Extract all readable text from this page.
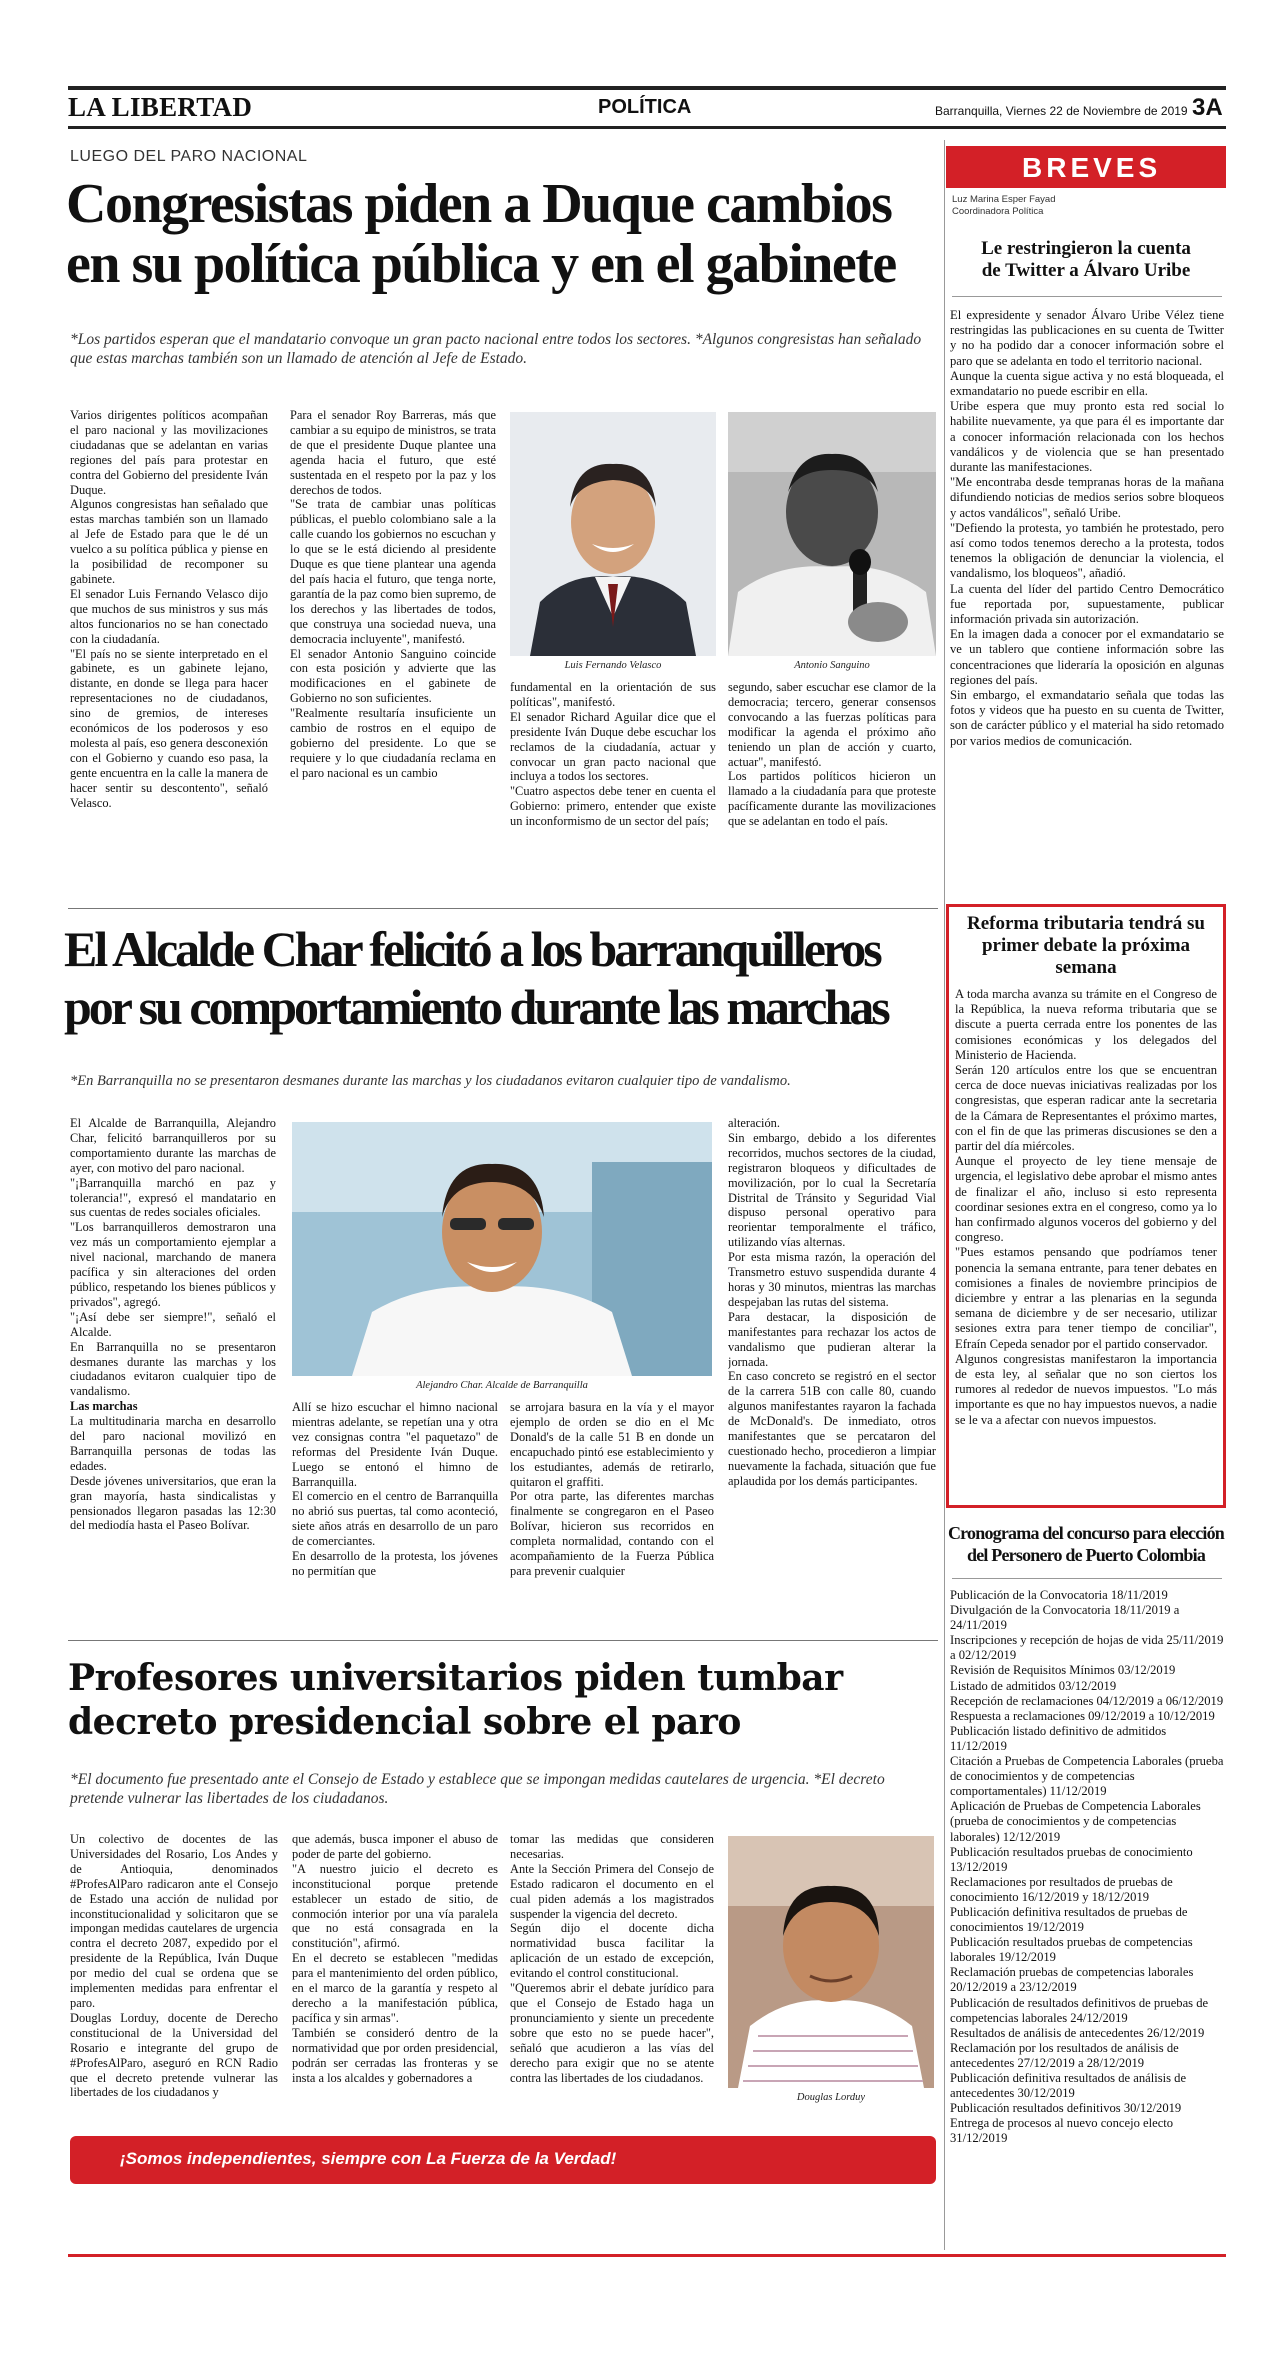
LA LIBERTAD	POLÍTICA	Barranquilla, Viernes 22 de Noviembre de 2019 3A
LUEGO DEL PARO NACIONAL
Congresistas piden a Duque cambios
en su política pública y en el gabinete
*Los partidos esperan que el mandatario convoque un gran pacto nacional entre todos los sectores. *Algunos congresistas han señalado que estas marchas también son un llamado de atención al Jefe de Estado.

Varios dirigentes políticos acompañan el paro nacional y las movilizaciones ciudadanas que se adelantan en varias regiones del país para protestar en contra del Gobierno del presidente Iván Duque.

Algunos congresistas han señalado que estas marchas también son un llamado al Jefe de Estado para que le dé un vuelco a su política pública y piense en la posibilidad de recomponer su gabinete.

El senador Luis Fernando Velasco dijo que muchos de sus ministros y sus más altos funcionarios no se han conectado con la ciudadanía.

"El país no se siente interpretado en el gabinete, es un gabinete lejano, distante, en donde se llega para hacer representaciones no de ciudadanos, sino de gremios, de intereses económicos de los poderosos y eso molesta al país, eso genera desconexión con el Gobierno y cuando eso pasa, la gente encuentra en la calle la manera de hacer sentir su descontento", señaló Velasco.

Para el senador Roy Barreras, más que cambiar a su equipo de ministros, se trata de que el presidente Duque plantee una agenda hacia el futuro, que esté sustentada en el respeto por la paz y los derechos de todos.

"Se trata de cambiar unas políticas públicas, el pueblo colombiano sale a la calle cuando los gobiernos no escuchan y lo que se le está diciendo al presidente Duque es que tiene plantear una agenda del país hacia el futuro, que tenga norte, garantía de la paz como bien supremo, de los derechos y las libertades de todos, que construya una sociedad nueva, una democracia incluyente", manifestó.

El senador Antonio Sanguino coincide con esta posición y advierte que las modificaciones en el gabinete de Gobierno no son suficientes.

"Realmente resultaría insuficiente un cambio de rostros en el equipo de gobierno del presidente. Lo que se requiere y lo que ciudadanía reclama en el paro nacional es un cambio

Luis Fernando Velasco	Antonio Sanguino

fundamental en la orientación de sus políticas", manifestó.

El senador Richard Aguilar dice que el presidente Iván Duque debe escuchar los reclamos de la ciudadanía, actuar y convocar un gran pacto nacional que incluya a todos los sectores.

"Cuatro aspectos debe tener en cuenta el Gobierno: primero, entender que existe un inconformismo de un sector del país;

segundo, saber escuchar ese clamor de la democracia; tercero, generar consensos convocando a las fuerzas políticas para modificar la agenda el próximo año teniendo un plan de acción y cuarto, actuar", manifestó.

Los partidos políticos hicieron un llamado a la ciudadanía para que proteste pacíficamente durante las movilizaciones que se adelantan en todo el país.

El Alcalde Char felicitó a los barranquilleros
por su comportamiento durante las marchas
*En Barranquilla no se presentaron desmanes durante las marchas y los ciudadanos evitaron cualquier tipo de vandalismo.

El Alcalde de Barranquilla, Alejandro Char, felicitó barranquilleros por su comportamiento durante las marchas de ayer, con motivo del paro nacional.

"¡Barranquilla marchó en paz y tolerancia!", expresó el mandatario en sus cuentas de redes sociales oficiales.

"Los barranquilleros demostraron una vez más un comportamiento ejemplar a nivel nacional, marchando de manera pacífica y sin alteraciones del orden público, respetando los bienes públicos y privados", agregó.

"¡Así debe ser siempre!", señaló el Alcalde.

En Barranquilla no se presentaron desmanes durante las marchas y los ciudadanos evitaron cualquier tipo de vandalismo.

Las marchas

La multitudinaria marcha en desarrollo del paro nacional movilizó en Barranquilla personas de todas las edades.

Desde jóvenes universitarios, que eran la gran mayoría, hasta sindicalistas y pensionados llegaron pasadas las 12:30 del mediodía hasta el Paseo Bolívar.

Alejandro Char. Alcalde de Barranquilla

Allí se hizo escuchar el himno nacional mientras adelante, se repetían una y otra vez consignas contra "el paquetazo" de reformas del Presidente Iván Duque. Luego se entonó el himno de Barranquilla.

El comercio en el centro de Barranquilla no abrió sus puertas, tal como aconteció, siete años atrás en desarrollo de un paro de comerciantes.

En desarrollo de la protesta, los jóvenes no permitían que

se arrojara basura en la vía y el mayor ejemplo de orden se dio en el Mc Donald's de la calle 51 B en donde un encapuchado pintó ese establecimiento y los estudiantes, además de retirarlo, quitaron el graffiti.

Por otra parte, las diferentes marchas finalmente se congregaron en el Paseo Bolívar, hicieron sus recorridos en completa normalidad, contando con el acompañamiento de la Fuerza Pública para prevenir cualquier

alteración.

Sin embargo, debido a los diferentes recorridos, muchos sectores de la ciudad, registraron bloqueos y dificultades de movilización, por lo cual la Secretaría Distrital de Tránsito y Seguridad Vial dispuso personal operativo para reorientar temporalmente el tráfico, utilizando vías alternas.

Por esta misma razón, la operación del Transmetro estuvo suspendida durante 4 horas y 30 minutos, mientras las marchas despejaban las rutas del sistema.

Para destacar, la disposición de manifestantes para rechazar los actos de vandalismo que pudieran alterar la jornada.

En caso concreto se registró en el sector de la carrera 51B con calle 80, cuando algunos manifestantes rayaron la fachada de McDonald's. De inmediato, otros manifestantes que se percataron del cuestionado hecho, procedieron a limpiar nuevamente la fachada, situación que fue aplaudida por los demás participantes.

Profesores universitarios piden tumbar
decreto presidencial sobre el paro
*El documento fue presentado ante el Consejo de Estado y establece que se impongan medidas cautelares de urgencia. *El decreto pretende vulnerar las libertades de los ciudadanos.

Un colectivo de docentes de las Universidades del Rosario, Los Andes y de Antioquia, denominados #ProfesAlParo radicaron ante el Consejo de Estado una acción de nulidad por inconstitucionalidad y solicitaron que se impongan medidas cautelares de urgencia contra el decreto 2087, expedido por el presidente de la República, Iván Duque por medio del cual se ordena que se implementen medidas para enfrentar el paro.

Douglas Lorduy, docente de Derecho constitucional de la Universidad del Rosario e integrante del grupo de #ProfesAlParo, aseguró en RCN Radio que el decreto pretende vulnerar las libertades de los ciudadanos y

que además, busca imponer el abuso de poder de parte del gobierno.

"A nuestro juicio el decreto es inconstitucional porque pretende establecer un estado de sitio, de conmoción interior por una vía paralela que no está consagrada en la constitución", afirmó.

En el decreto se establecen "medidas para el mantenimiento del orden público, en el marco de la garantía y respeto al derecho a la manifestación pública, pacífica y sin armas".

También se consideró dentro de la normatividad que por orden presidencial, podrán ser cerradas las fronteras y se insta a los alcaldes y gobernadores a

tomar las medidas que consideren necesarias.

Ante la Sección Primera del Consejo de Estado radicaron el documento en el cual piden además a los magistrados suspender la vigencia del decreto.

Según dijo el docente dicha normatividad busca facilitar la aplicación de un estado de excepción, evitando el control constitucional.

"Queremos abrir el debate jurídico para que el Consejo de Estado haga un pronunciamiento y siente un precedente sobre que esto no se puede hacer", señaló que acudieron a las vías del derecho para exigir que no se atente contra las libertades de los ciudadanos.

Douglas Lorduy
¡Somos independientes, siempre con La Fuerza de la Verdad!
BREVES
Luz Marina Esper Fayad
Coordinadora Política
Le restringieron la cuenta
de Twitter a Álvaro Uribe

El expresidente y senador Álvaro Uribe Vélez tiene restringidas las publicaciones en su cuenta de Twitter y no ha podido dar a conocer información sobre el paro que se adelanta en todo el territorio nacional.

Aunque la cuenta sigue activa y no está bloqueada, el exmandatario no puede escribir en ella.

Uribe espera que muy pronto esta red social lo habilite nuevamente, ya que para él es importante dar a conocer información relacionada con los hechos vandálicos y de violencia que se han presentado durante las manifestaciones.

"Me encontraba desde tempranas horas de la mañana difundiendo noticias de medios serios sobre bloqueos y actos vandálicos", señaló Uribe.

"Defiendo la protesta, yo también he protestado, pero así como todos tenemos derecho a la protesta, todos tenemos la obligación de denunciar la violencia, el vandalismo, los bloqueos", añadió.

La cuenta del líder del partido Centro Democrático fue reportada por, supuestamente, publicar información privada sin autorización.

En la imagen dada a conocer por el exmandatario se ve un tablero que contiene información sobre las concentraciones que lideraría la oposición en algunas regiones del país.

Sin embargo, el exmandatario señala que todas las fotos y videos que ha puesto en su cuenta de Twitter, son de carácter público y el material ha sido retomado por varios medios de comunicación.

Reforma tributaria tendrá su
primer debate la próxima semana

A toda marcha avanza su trámite en el Congreso de la República, la nueva reforma tributaria que se discute a puerta cerrada entre los ponentes de las comisiones económicas y los delegados del Ministerio de Hacienda.

Serán 120 artículos entre los que se encuentran cerca de doce nuevas iniciativas realizadas por los congresistas, que esperan radicar ante la secretaria de la Cámara de Representantes el próximo martes, con el fin de que las primeras discusiones se den a partir del día miércoles.

Aunque el proyecto de ley tiene mensaje de urgencia, el legislativo debe aprobar el mismo antes de finalizar el año, incluso si esto representa coordinar sesiones extra en el congreso, como ya lo han confirmado algunos voceros del gobierno y del congreso.

"Pues estamos pensando que podríamos tener ponencia la semana entrante, para tener debates en comisiones a finales de noviembre principios de diciembre y entrar a las plenarias en la segunda semana de diciembre y de ser necesario, utilizar sesiones extra para tener tiempo de conciliar", Efraín Cepeda senador por el partido conservador.

Algunos congresistas manifestaron la importancia de esta ley, al señalar que no son ciertos los rumores al rededor de nuevos impuestos. "Lo más importante es que no hay impuestos nuevos, a nadie se le va a afectar con nuevos impuestos.

Cronograma del concurso para elección
del Personero de Puerto Colombia
Publicación de la Convocatoria 18/11/2019
Divulgación de la Convocatoria 18/11/2019 a 24/11/2019
Inscripciones y recepción de hojas de vida 25/11/2019 a 02/12/2019
Revisión de Requisitos Mínimos 03/12/2019
Listado de admitidos 03/12/2019
Recepción de reclamaciones 04/12/2019 a 06/12/2019
Respuesta a reclamaciones 09/12/2019 a 10/12/2019
Publicación listado definitivo de admitidos 11/12/2019
Citación a Pruebas de Competencia Laborales (prueba de conocimientos y de competencias comportamentales) 11/12/2019
Aplicación de Pruebas de Competencia Laborales (prueba de conocimientos y de competencias laborales) 12/12/2019
Publicación resultados pruebas de conocimiento 13/12/2019
Reclamaciones por resultados de pruebas de conocimiento 16/12/2019 y 18/12/2019
Publicación definitiva resultados de pruebas de conocimientos 19/12/2019
Publicación resultados pruebas de competencias laborales 19/12/2019
Reclamación pruebas de competencias laborales 20/12/2019 a 23/12/2019
Publicación de resultados definitivos de pruebas de competencias laborales 24/12/2019
Resultados de análisis de antecedentes 26/12/2019
Reclamación por los resultados de análisis de antecedentes 27/12/2019 a 28/12/2019
Publicación definitiva resultados de análisis de antecedentes 30/12/2019
Publicación resultados definitivos 30/12/2019
Entrega de procesos al nuevo concejo electo 31/12/2019
